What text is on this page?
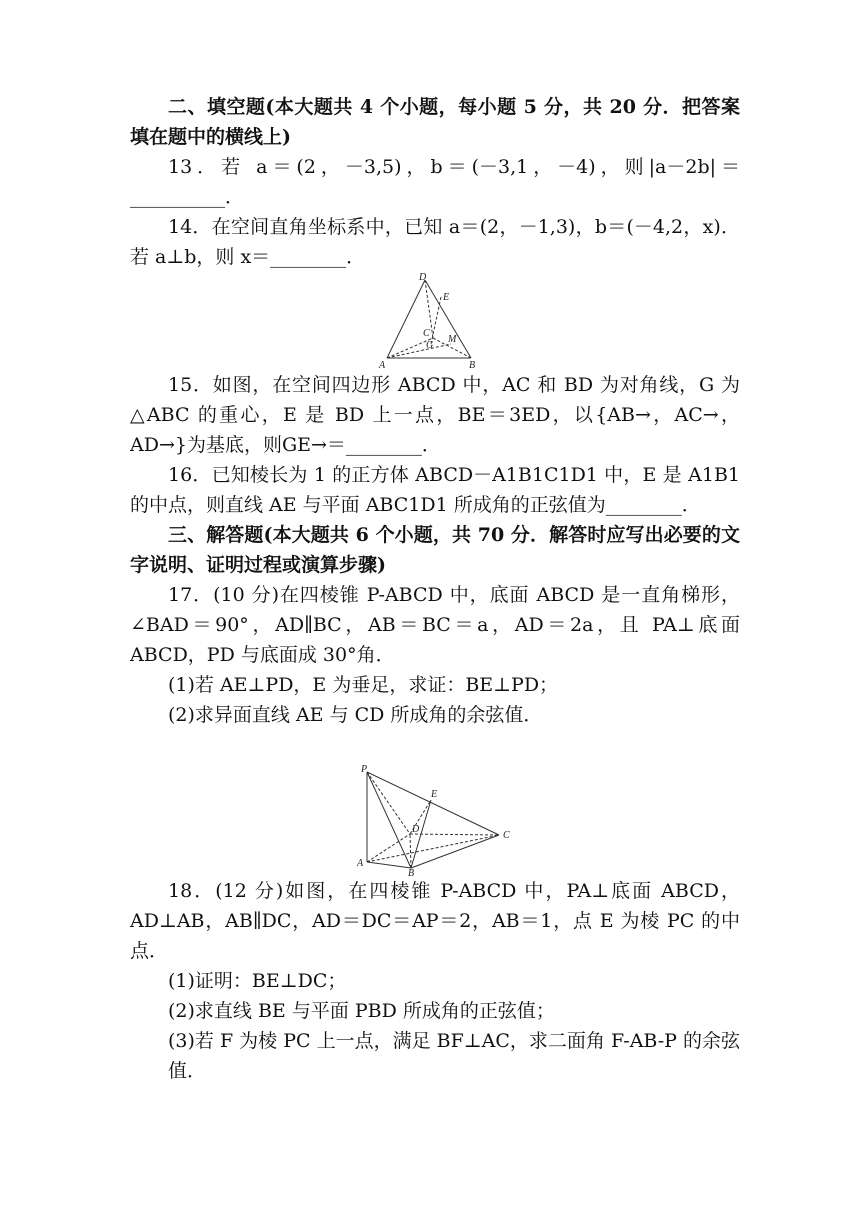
二、填空题(本大题共 4 个小题，每小题 5 分，共 20 分．把答案填在题中的横线上)

13．若 a＝(2，－3,5)，b＝(－3,1，－4)，则|a－2b|＝__________．

14．在空间直角坐标系中，已知 a＝(2，－1,3)，b＝(－4,2，x)．若 a⊥b，则 x＝________．

D
E
C
G
M
A	B

15．如图，在空间四边形 ABCD 中，AC 和 BD 为对角线，G 为△ABC 的重心，E 是 BD 上一点，BE＝3ED，以{AB→，AC→，AD→}为基底，则GE→＝________．

16．已知棱长为 1 的正方体 ABCD－A1B1C1D1 中，E 是 A1B1 的中点，则直线 AE 与平面 ABC1D1 所成角的正弦值为________．

三、解答题(本大题共 6 个小题，共 70 分．解答时应写出必要的文字说明、证明过程或演算步骤)

17．(10 分)在四棱锥 P-ABCD 中，底面 ABCD 是一直角梯形，∠BAD＝90°，AD∥BC，AB＝BC＝a，AD＝2a，且 PA⊥底面 ABCD，PD 与底面成 30°角．

(1)若 AE⊥PD，E 为垂足，求证：BE⊥PD；

(2)求异面直线 AE 与 CD 所成角的余弦值．

P
E
D
C
A
B

18．(12 分)如图，在四棱锥 P-ABCD 中，PA⊥底面 ABCD，AD⊥AB，AB∥DC，AD＝DC＝AP＝2，AB＝1，点 E 为棱 PC 的中点．

(1)证明：BE⊥DC；

(2)求直线 BE 与平面 PBD 所成角的正弦值；

(3)若 F 为棱 PC 上一点，满足 BF⊥AC，求二面角 F-AB-P 的余弦值．
